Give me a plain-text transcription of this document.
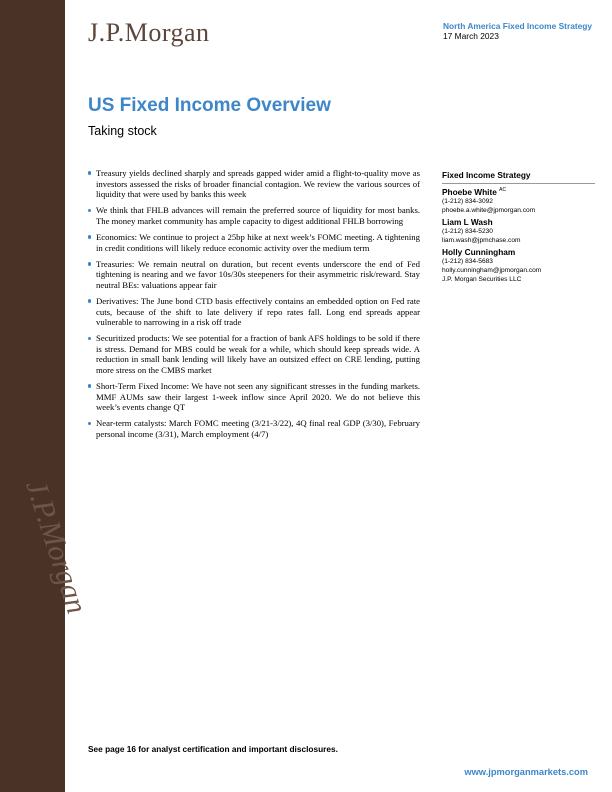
J.P.Morgan
J.P.Morgan	North America Fixed Income Strategy
17 March 2023
US Fixed Income Overview
Taking stock
Treasury yields declined sharply and spreads gapped wider amid a flight-to-quality move as investors assessed the risks of broader financial contagion. We review the various sources of liquidity that were used by banks this week
We think that FHLB advances will remain the preferred source of liquidity for most banks. The money market community has ample capacity to digest additional FHLB borrowing
Economics: We continue to project a 25bp hike at next week’s FOMC meeting. A tightening in credit conditions will likely reduce economic activity over the medium term
Treasuries: We remain neutral on duration, but recent events underscore the end of Fed tightening is nearing and we favor 10s/30s steepeners for their asymmetric risk/reward. Stay neutral BEs: valuations appear fair
Derivatives: The June bond CTD basis effectively contains an embedded option on Fed rate cuts, because of the shift to late delivery if repo rates fall. Long end spreads appear vulnerable to narrowing in a risk off trade
Securitized products: We see potential for a fraction of bank AFS holdings to be sold if there is stress. Demand for MBS could be weak for a while, which should keep spreads wide. A reduction in small bank lending will likely have an outsized effect on CRE lending, putting more stress on the CMBS market
Short-Term Fixed Income: We have not seen any significant stresses in the funding markets. MMF AUMs saw their largest 1-week inflow since April 2020. We do not believe this week’s events change QT
Near-term catalysts: March FOMC meeting (3/21-3/22), 4Q final real GDP (3/30), February personal income (3/31), March employment (4/7)
Fixed Income Strategy
Phoebe White $^{AC}$
(1-212) 834-3092
phoebe.a.white@jpmorgan.com
Liam L Wash
(1-212) 834-5230
liam.wash@jpmchase.com
Holly Cunningham
(1-212) 834-5683
holly.cunningham@jpmorgan.com
J.P. Morgan Securities LLC
See page 16 for analyst certification and important disclosures.
www.jpmorganmarkets.com
